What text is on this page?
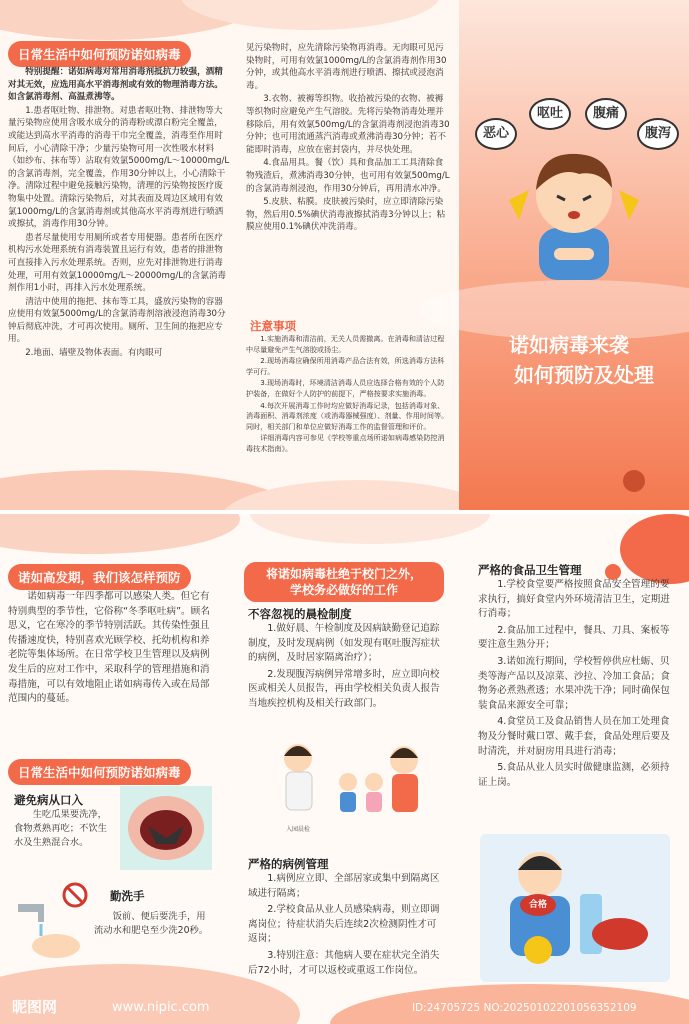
日常生活中如何预防诺如病毒

特别提醒：诺如病毒对常用消毒剂抵抗力较强，酒精对其无效，应选用高水平消毒剂或有效的物理消毒方法。如含氯消毒剂、高温煮沸等。

1.患者呕吐物、排泄物。对患者呕吐物、排泄物等大量污染物应使用含吸水成分的消毒粉或漂白粉完全覆盖，或能达到高水平消毒的消毒干巾完全覆盖，消毒至作用时间后，小心清除干净；少量污染物可用一次性吸水材料（如纱布、抹布等）沾取有效氯5000mg/L～10000mg/L的含氯消毒剂，完全覆盖，作用30分钟以上，小心清除干净。清除过程中避免接触污染物，清理的污染物按医疗废物集中处置。清除污染物后，对其表面及周边区域用有效氯1000mg/L的含氯消毒剂或其他高水平消毒剂进行喷洒或擦拭，消毒作用30分钟。

患者尽量使用专用厕所或者专用便器。患者所在医疗机构污水处理系统有消毒装置且运行有效，患者的排泄物可直接排入污水处理系统。否则，应先对排泄物进行消毒处理，可用有效氯10000mg/L～20000mg/L的含氯消毒剂作用1小时，再排入污水处理系统。

清洁中使用的拖把、抹布等工具，盛放污染物的容器应使用有效氯5000mg/L的含氯消毒剂溶液浸泡消毒30分钟后彻底冲洗，才可再次使用。厕所、卫生间的拖把应专用。

2.地面、墙壁及物体表面。有肉眼可

见污染物时，应先清除污染物再消毒。无肉眼可见污染物时，可用有效氯1000mg/L的含氯消毒剂作用30分钟，或其他高水平消毒剂进行喷洒、擦拭或浸泡消毒。

3.衣物、被褥等织物。收拾被污染的衣物、被褥等织物时应避免产生气溶胶。先将污染物消毒处理并移除后，用有效氯500mg/L的含氯消毒剂浸泡消毒30分钟；也可用流通蒸汽消毒或煮沸消毒30分钟；若不能即时消毒，应放在密封袋内，并尽快处理。

4.食品用具。餐（饮）具和食品加工工具清除食物残渣后，煮沸消毒30分钟，也可用有效氯500mg/L的含氯消毒剂浸泡，作用30分钟后，再用清水冲净。

5.皮肤、粘膜。皮肤被污染时，应立即清除污染物，然后用0.5%碘伏消毒液擦拭消毒3分钟以上；粘膜应使用0.1%碘伏冲洗消毒。

注意事项

1.实施消毒和清洁前，无关人员需撤离。在消毒和清洁过程中尽量避免产生气溶胶或扬尘。

2.现场消毒应确保所用消毒产品合法有效，所选消毒方法科学可行。

3.现场消毒时，环境清洁消毒人员应选择合格有效的个人防护装备，在做好个人防护的前提下，严格按要求实施消毒。

4.每次开展消毒工作时均应做好消毒记录，包括消毒对象、消毒面积、消毒剂浓度（或消毒器械强度）、剂量、作用时间等。同时，相关部门和单位应做好消毒工作的监督管理和评价。

详细消毒内容可参见《学校等重点场所诺如病毒感染防控消毒技术指南》。

恶心
呕吐	腹痛
腹泻
诺如病毒来袭
如何预防及处理
诺如高发期，我们该怎样预防

诺如病毒一年四季都可以感染人类。但它有特别典型的季节性，它俗称“冬季呕吐病”。顾名思义，它在寒冷的季节特别活跃。其传染性强且传播速度快，特别喜欢光顾学校、托幼机构和养老院等集体场所。在日常学校卫生管理以及病例发生后的应对工作中，采取科学的管理措施和消毒措施，可以有效地阻止诺如病毒传入或在局部范围内的蔓延。

日常生活中如何预防诺如病毒
避免病从口入

生吃瓜果要洗净，食物煮熟再吃；不饮生水及生熟混合水。

勤洗手

饭前、便后要洗手，用流动水和肥皂至少洗20秒。

将诺如病毒杜绝于校门之外，
学校务必做好的工作
不容忽视的晨检制度

1.做好晨、午检制度及因病缺勤登记追踪制度，及时发现病例（如发现有呕吐腹泻症状的病例，及时居家隔离治疗）；

2.发现腹泻病例异常增多时，应立即向校医或相关人员报告，再由学校相关负责人报告当地疾控机构及相关行政部门。

入园晨检
严格的病例管理

1.病例应立即、全部居家或集中到隔离区域进行隔离；

2.学校食品从业人员感染病毒，则立即调离岗位；待症状消失后连续2次检测阴性才可返岗；

3.特别注意：其他病人要在症状完全消失后72小时，才可以返校或重返工作岗位。

严格的食品卫生管理

1.学校食堂要严格按照食品安全管理的要求执行，搞好食堂内外环境清洁卫生，定期进行消毒；

2.食品加工过程中，餐具、刀具、案板等要注意生熟分开；

3.诺如流行期间，学校暂停供应杜蛎、贝类等海产品以及凉菜、沙拉、冷加工食品；食物务必煮熟煮透；水果冲洗干净；同时确保包装食品来源安全可靠；

4.食堂员工及食品销售人员在加工处理食物及分餐时戴口罩、戴手套，食品处理后要及时清洗，并对厨房用具进行消毒；

5.食品从业人员实时做健康监测，必须持证上岗。

合格
昵图网	www.nipic.com	ID:24705725 NO:20250102201056352109
